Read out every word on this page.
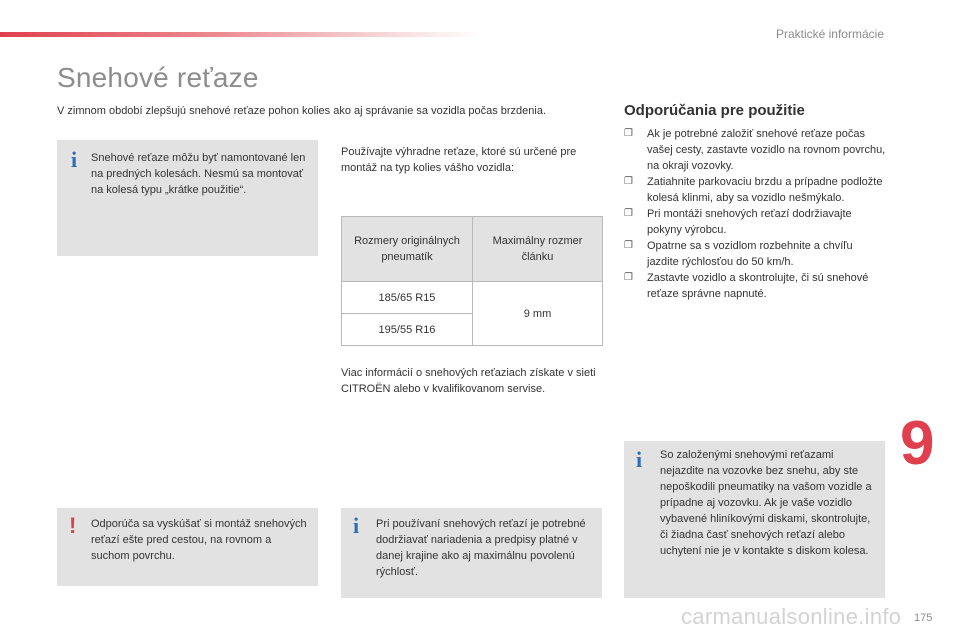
Praktické informácie
Snehové reťaze

V zimnom období zlepšujú snehové reťaze pohon kolies ako aj správanie sa vozidla počas brzdenia.

i Snehové reťaze môžu byť namontované len na predných kolesách. Nesmú sa montovať na kolesá typu „krátke použitie“.

Používajte výhradne reťaze, ktoré sú určené pre montáž na typ kolies vášho vozidla:

Rozmery originálnych pneumatík	Maximálny rozmer článku
185/65 R15	9 mm
195/55 R16	

Viac informácií o snehových reťaziach získate v sieti CITROËN alebo v kvalifikovanom servise.

! Odporúča sa vyskúšať si montáž snehových reťazí ešte pred cestou, na rovnom a suchom povrchu.

i Pri používaní snehových reťazí je potrebné dodržiavať nariadenia a predpisy platné v danej krajine ako aj maximálnu povolenú rýchlosť.

Odporúčania pre použitie
❐ Ak je potrebné založiť snehové reťaze počas vašej cesty, zastavte vozidlo na rovnom povrchu, na okraji vozovky.
❐ Zatiahnite parkovaciu brzdu a prípadne podložte kolesá klinmi, aby sa vozidlo nešmýkalo.
❐ Pri montáži snehových reťazí dodržiavajte pokyny výrobcu.
❐ Opatrne sa s vozidlom rozbehnite a chvíľu jazdite rýchlosťou do 50 km/h.
❐ Zastavte vozidlo a skontrolujte, či sú snehové reťaze správne napnuté.
i So založenými snehovými reťazami nejazdite na vozovke bez snehu, aby ste nepoškodili pneumatiky na vašom vozidle a prípadne aj vozovku. Ak je vaše vozidlo vybavené hliníkovými diskami, skontrolujte, či žiadna časť snehových reťazí alebo uchytení nie je v kontakte s diskom kolesa.

9
carmanualsonline.info 175
